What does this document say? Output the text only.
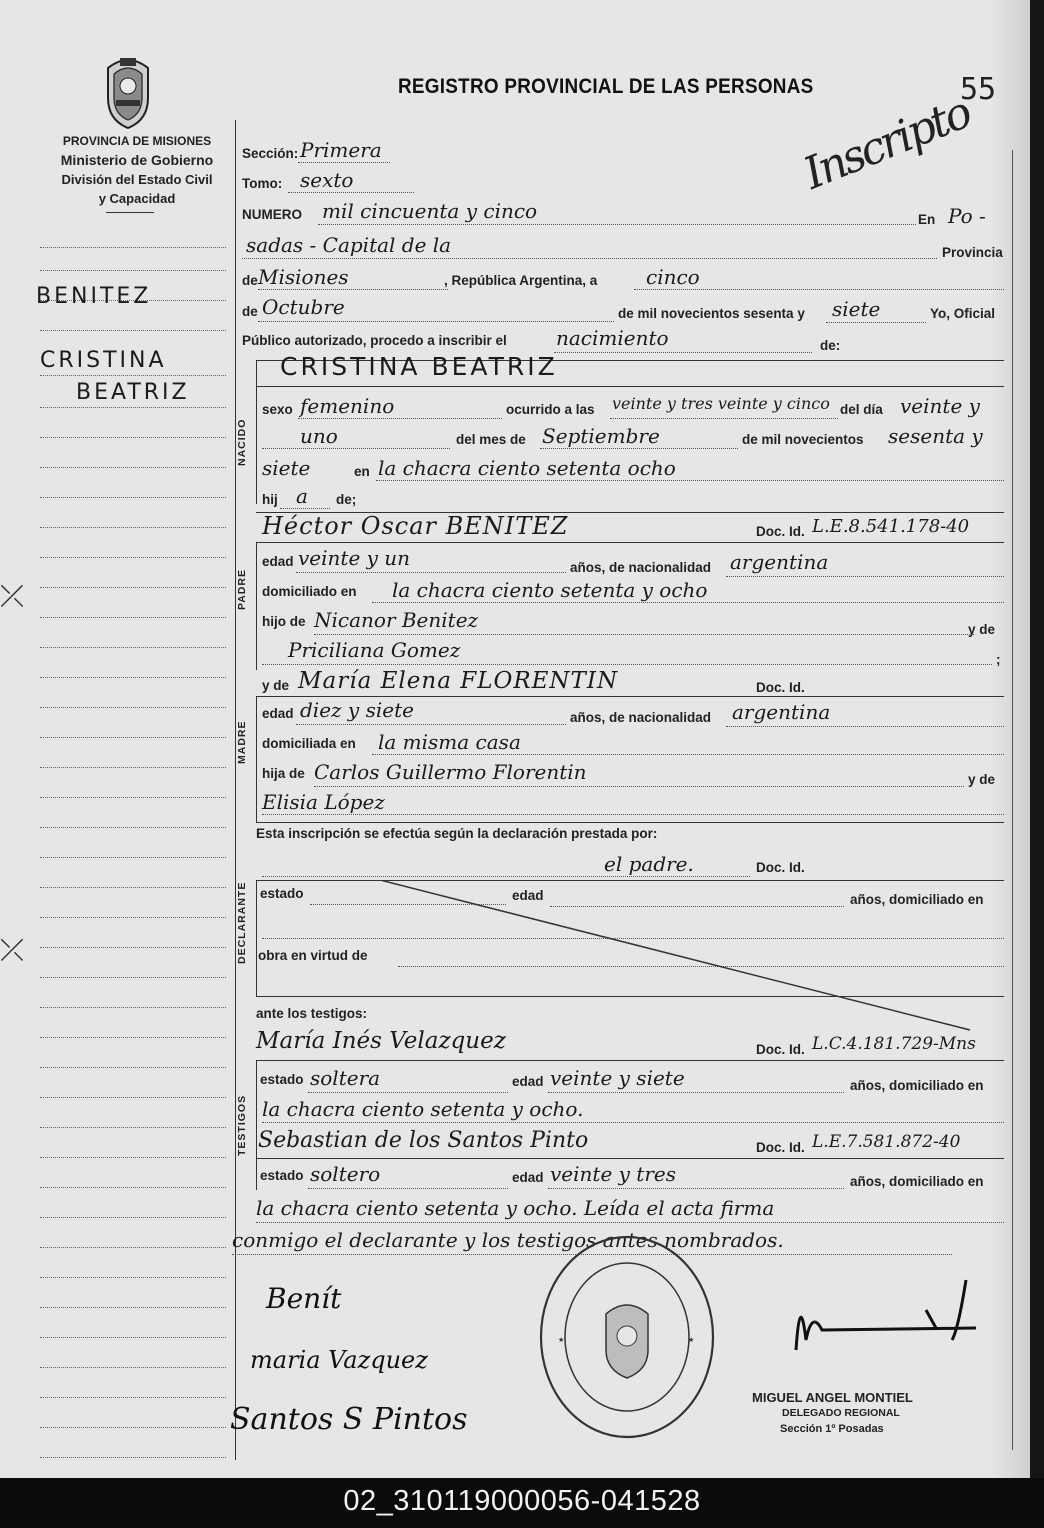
REGISTRO PROVINCIAL DE LAS PERSONAS	55
Inscripto
PROVINCIA DE MISIONES
Ministerio de Gobierno
División del Estado Civil
y Capacidad
BENITEZ
CRISTINA
BEATRIZ
⤫
⤫
Sección: Primera
Tomo: sexto
NUMERO mil cincuenta y cinco	En Po -
sadas - Capital de la	Provincia
de Misiones	, República Argentina, a cinco
de Octubre	de mil novecientos sesenta y siete	Yo, Oficial
Público autorizado, procedo a inscribir el nacimiento	de:
NACIDO
CRISTINA BEATRIZ
sexo femenino	ocurrido a las veinte y tres veinte y cinco del día veinte y
uno	del mes de Septiembre	de mil novecientos sesenta y
siete	en la chacra ciento setenta ocho
hij a de;
Héctor Oscar BENITEZ	Doc. Id. L.E.8.541.178-40
PADRE
edad veinte y un	años, de nacionalidad argentina
domiciliado en la chacra ciento setenta y ocho
hijo de Nicanor Benitez	y de
Priciliana Gomez	;
y de María Elena FLORENTIN	Doc. Id.
MADRE
edad diez y siete	años, de nacionalidad argentina
domiciliada en la misma casa
hija de Carlos Guillermo Florentin	y de
Elisia López
Esta inscripción se efectúa según la declaración prestada por:
el padre.	Doc. Id.
DECLARANTE estado	edad	años, domiciliado en
obra en virtud de
ante los testigos:
María Inés Velazquez	Doc. Id. L.C.4.181.729-Mns
TESTIGOS
estado soltera	edad veinte y siete	años, domiciliado en
la chacra ciento setenta y ocho.
Sebastian de los Santos Pinto	Doc. Id. L.E.7.581.872-40
estado soltero	edad veinte y tres	años, domiciliado en
la chacra ciento setenta y ocho. Leída el acta firma
conmigo el declarante y los testigos antes nombrados.
Benít
maria Vazquez
Santos S Pintos
★	★
MIGUEL ANGEL MONTIEL
DELEGADO REGIONAL
Sección 1º Posadas
02_310119000056-041528
